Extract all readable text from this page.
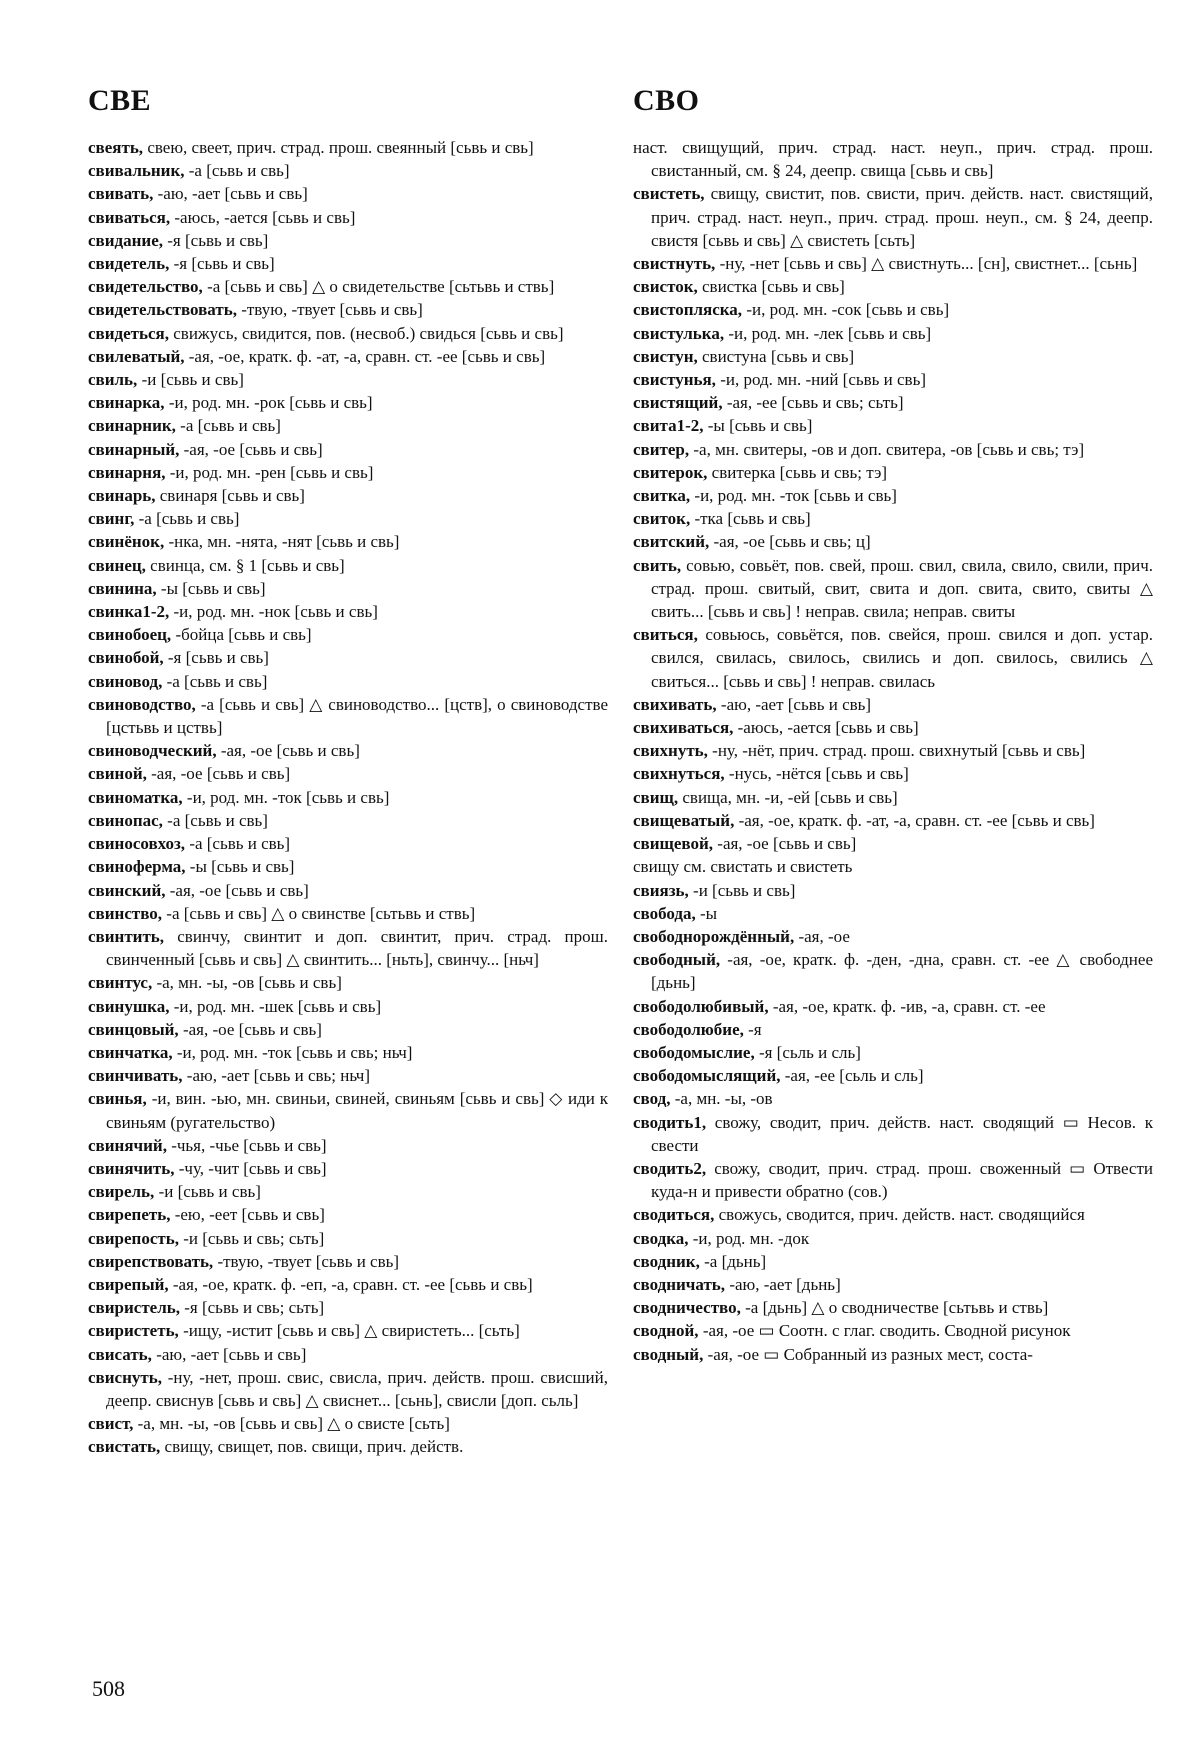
СВЕ	СВО

свеять, свею, свеет, прич. страд. прош. свеянный [сьвь и свь]

свивальник, -а [сьвь и свь]

свивать, -аю, -ает [сьвь и свь]

свиваться, -аюсь, -ается [сьвь и свь]

свидание, -я [сьвь и свь]

свидетель, -я [сьвь и свь]

свидетельство, -а [сьвь и свь] △ о свидетельстве [сьтьвь и ствь]

свидетельствовать, -твую, -твует [сьвь и свь]

свидеться, свижусь, свидится, пов. (несвоб.) свидься [сьвь и свь]

свилеватый, -ая, -ое, кратк. ф. -ат, -а, сравн. ст. -ее [сьвь и свь]

свиль, -и [сьвь и свь]

свинарка, -и, род. мн. -рок [сьвь и свь]

свинарник, -а [сьвь и свь]

свинарный, -ая, -ое [сьвь и свь]

свинарня, -и, род. мн. -рен [сьвь и свь]

свинарь, свинаря [сьвь и свь]

свинг, -а [сьвь и свь]

свинёнок, -нка, мн. -нята, -нят [сьвь и свь]

свинец, свинца, см. § 1 [сьвь и свь]

свинина, -ы [сьвь и свь]

свинка1-2, -и, род. мн. -нок [сьвь и свь]

свинобоец, -бойца [сьвь и свь]

свинобой, -я [сьвь и свь]

свиновод, -а [сьвь и свь]

свиноводство, -а [сьвь и свь] △ свиноводство... [цств], о свиноводстве [цстьвь и цствь]

свиноводческий, -ая, -ое [сьвь и свь]

свиной, -ая, -ое [сьвь и свь]

свиноматка, -и, род. мн. -ток [сьвь и свь]

свинопас, -а [сьвь и свь]

свиносовхоз, -а [сьвь и свь]

свиноферма, -ы [сьвь и свь]

свинский, -ая, -ое [сьвь и свь]

свинство, -а [сьвь и свь] △ о свинстве [сьтьвь и ствь]

свинтить, свинчу, свинтит и доп. свинтит, прич. страд. прош. свинченный [сьвь и свь] △ свинтить... [ньть], свинчу... [ньч]

свинтус, -а, мн. -ы, -ов [сьвь и свь]

свинушка, -и, род. мн. -шек [сьвь и свь]

свинцовый, -ая, -ое [сьвь и свь]

свинчатка, -и, род. мн. -ток [сьвь и свь; ньч]

свинчивать, -аю, -ает [сьвь и свь; ньч]

свинья, -и, вин. -ью, мн. свиньи, свиней, свиньям [сьвь и свь] ◇ иди к свиньям (ругательство)

свинячий, -чья, -чье [сьвь и свь]

свинячить, -чу, -чит [сьвь и свь]

свирель, -и [сьвь и свь]

свирепеть, -ею, -еет [сьвь и свь]

свирепость, -и [сьвь и свь; сьть]

свирепствовать, -твую, -твует [сьвь и свь]

свирепый, -ая, -ое, кратк. ф. -еп, -а, сравн. ст. -ее [сьвь и свь]

свиристель, -я [сьвь и свь; сьть]

свиристеть, -ищу, -истит [сьвь и свь] △ свиристеть... [сьть]

свисать, -аю, -ает [сьвь и свь]

свиснуть, -ну, -нет, прош. свис, свисла, прич. действ. прош. свисший, деепр. свиснув [сьвь и свь] △ свиснет... [сьнь], свисли [доп. сьль]

свист, -а, мн. -ы, -ов [сьвь и свь] △ о свисте [сьть]

свистать, свищу, свищет, пов. свищи, прич. действ.

наст. свищущий, прич. страд. наст. неуп., прич. страд. прош. свистанный, см. § 24, деепр. свища [сьвь и свь]

свистеть, свищу, свистит, пов. свисти, прич. действ. наст. свистящий, прич. страд. наст. неуп., прич. страд. прош. неуп., см. § 24, деепр. свистя [сьвь и свь] △ свистеть [сьть]

свистнуть, -ну, -нет [сьвь и свь] △ свистнуть... [сн], свистнет... [сьнь]

свисток, свистка [сьвь и свь]

свистопляска, -и, род. мн. -сок [сьвь и свь]

свистулька, -и, род. мн. -лек [сьвь и свь]

свистун, свистуна [сьвь и свь]

свистунья, -и, род. мн. -ний [сьвь и свь]

свистящий, -ая, -ее [сьвь и свь; сьть]

свита1-2, -ы [сьвь и свь]

свитер, -а, мн. свитеры, -ов и доп. свитера, -ов [сьвь и свь; тэ]

свитерок, свитерка [сьвь и свь; тэ]

свитка, -и, род. мн. -ток [сьвь и свь]

свиток, -тка [сьвь и свь]

свитский, -ая, -ое [сьвь и свь; ц]

свить, совью, совьёт, пов. свей, прош. свил, свила, свило, свили, прич. страд. прош. свитый, свит, свита и доп. свита, свито, свиты △ свить... [сьвь и свь] ! неправ. свила; неправ. свиты

свиться, совьюсь, совьётся, пов. свейся, прош. свился и доп. устар. свился, свилась, свилось, свились и доп. свилось, свились △ свиться... [сьвь и свь] ! неправ. свилась

свихивать, -аю, -ает [сьвь и свь]

свихиваться, -аюсь, -ается [сьвь и свь]

свихнуть, -ну, -нёт, прич. страд. прош. свихнутый [сьвь и свь]

свихнуться, -нусь, -нётся [сьвь и свь]

свищ, свища, мн. -и, -ей [сьвь и свь]

свищеватый, -ая, -ое, кратк. ф. -ат, -а, сравн. ст. -ее [сьвь и свь]

свищевой, -ая, -ое [сьвь и свь]

свищу см. свистать и свистеть

свиязь, -и [сьвь и свь]

свобода, -ы

свободнорождённый, -ая, -ое

свободный, -ая, -ое, кратк. ф. -ден, -дна, сравн. ст. -ее △ свободнее [дьнь]

свободолюбивый, -ая, -ое, кратк. ф. -ив, -а, сравн. ст. -ее

свободолюбие, -я

свободомыслие, -я [сьль и сль]

свободомыслящий, -ая, -ее [сьль и сль]

свод, -а, мн. -ы, -ов

сводить1, свожу, сводит, прич. действ. наст. сводящий ▭ Несов. к свести

сводить2, свожу, сводит, прич. страд. прош. своженный ▭ Отвести куда-н и привести обратно (сов.)

сводиться, свожусь, сводится, прич. действ. наст. сводящийся

сводка, -и, род. мн. -док

сводник, -а [дьнь]

сводничать, -аю, -ает [дьнь]

сводничество, -а [дьнь] △ о сводничестве [сьтьвь и ствь]

сводной, -ая, -ое ▭ Соотн. с глаг. сводить. Сводной рисунок

сводный, -ая, -ое ▭ Собранный из разных мест, соста-

508
